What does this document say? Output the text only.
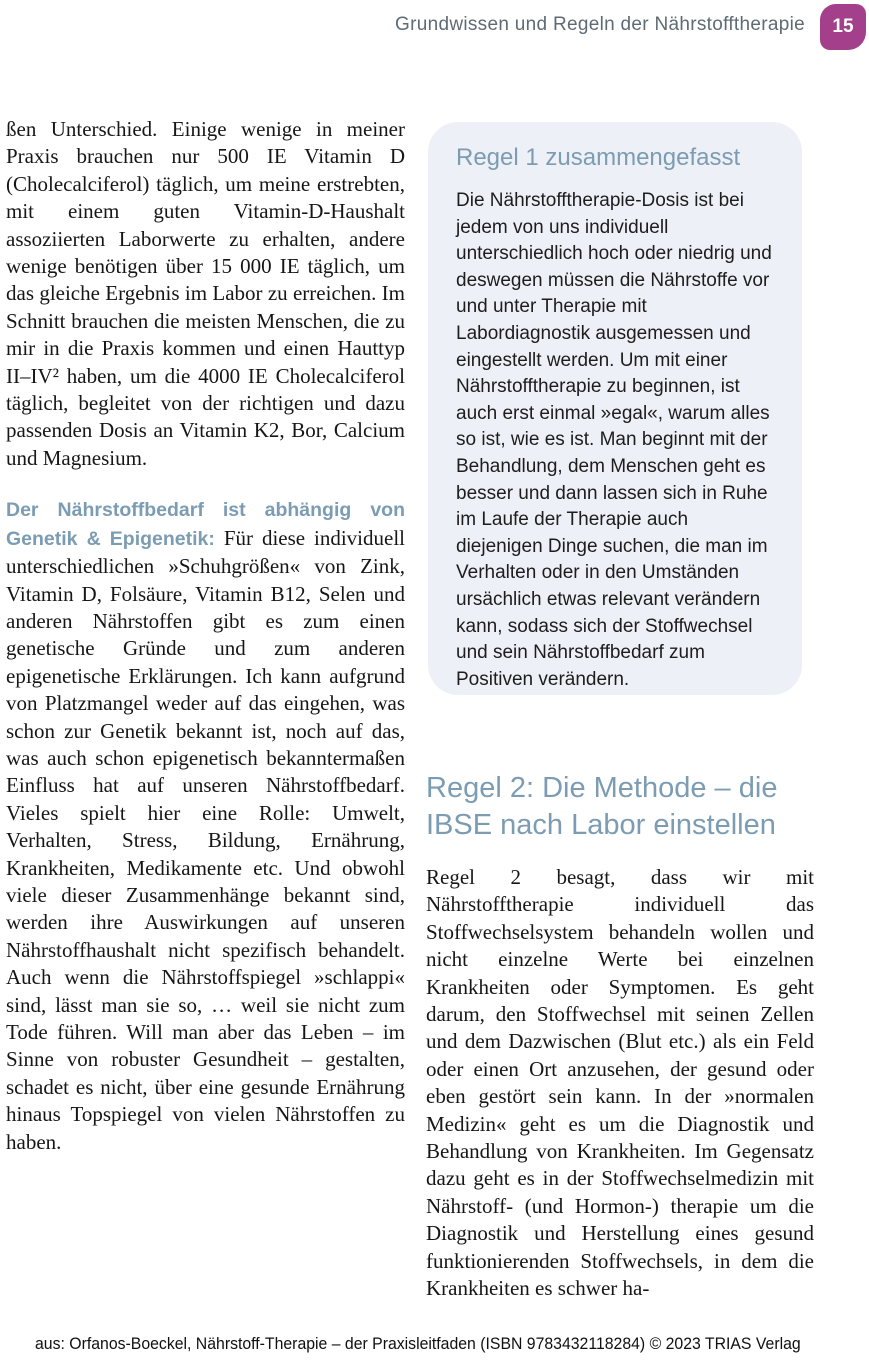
Grundwissen und Regeln der Nährstofftherapie 15

ßen Unterschied. Einige wenige in meiner Praxis brauchen nur 500 IE Vitamin D (Cholecalciferol) täglich, um meine erstrebten, mit einem guten Vitamin-D-Haushalt assoziierten Laborwerte zu erhalten, andere wenige benötigen über 15 000 IE täglich, um das gleiche Ergebnis im Labor zu erreichen. Im Schnitt brauchen die meisten Menschen, die zu mir in die Praxis kommen und einen Hauttyp II–IV² haben, um die 4000 IE Cholecalciferol täglich, begleitet von der richtigen und dazu passenden Dosis an Vitamin K2, Bor, Calcium und Magnesium.

Der Nährstoffbedarf ist abhängig von Genetik & Epigenetik: Für diese individuell unterschiedlichen »Schuhgrößen« von Zink, Vitamin D, Folsäure, Vitamin B12, Selen und anderen Nährstoffen gibt es zum einen genetische Gründe und zum anderen epigenetische Erklärungen. Ich kann aufgrund von Platzmangel weder auf das eingehen, was schon zur Genetik bekannt ist, noch auf das, was auch schon epigenetisch bekanntermaßen Einfluss hat auf unseren Nährstoffbedarf. Vieles spielt hier eine Rolle: Umwelt, Verhalten, Stress, Bildung, Ernährung, Krankheiten, Medikamente etc. Und obwohl viele dieser Zusammenhänge bekannt sind, werden ihre Auswirkungen auf unseren Nährstoffhaushalt nicht spezifisch behandelt. Auch wenn die Nährstoffspiegel »schlappi« sind, lässt man sie so, … weil sie nicht zum Tode führen. Will man aber das Leben – im Sinne von robuster Gesundheit – gestalten, schadet es nicht, über eine gesunde Ernährung hinaus Topspiegel von vielen Nährstoffen zu haben.

Regel 1 zusammengefasst
Die Nährstofftherapie-Dosis ist bei jedem von uns individuell unterschiedlich hoch oder niedrig und deswegen müssen die Nährstoffe vor und unter Therapie mit Labordiagnostik ausgemessen und eingestellt werden. Um mit einer Nährstofftherapie zu beginnen, ist auch erst einmal »egal«, warum alles so ist, wie es ist. Man beginnt mit der Behandlung, dem Menschen geht es besser und dann lassen sich in Ruhe im Laufe der Therapie auch diejenigen Dinge suchen, die man im Verhalten oder in den Umständen ursächlich etwas relevant verändern kann, sodass sich der Stoffwechsel und sein Nährstoffbedarf zum Positiven verändern.
Regel 2: Die Methode – die IBSE nach Labor einstellen
Regel 2 besagt, dass wir mit Nährstofftherapie individuell das Stoffwechselsystem behandeln wollen und nicht einzelne Werte bei einzelnen Krankheiten oder Symptomen. Es geht darum, den Stoffwechsel mit seinen Zellen und dem Dazwischen (Blut etc.) als ein Feld oder einen Ort anzusehen, der gesund oder eben gestört sein kann. In der »normalen Medizin« geht es um die Diagnostik und Behandlung von Krankheiten. Im Gegensatz dazu geht es in der Stoffwechselmedizin mit Nährstoff- (und Hormon-) therapie um die Diagnostik und Herstellung eines gesund funktionierenden Stoffwechsels, in dem die Krankheiten es schwer ha-
aus: Orfanos-Boeckel, Nährstoff-Therapie – der Praxisleitfaden (ISBN 9783432118284) © 2023 TRIAS Verlag
